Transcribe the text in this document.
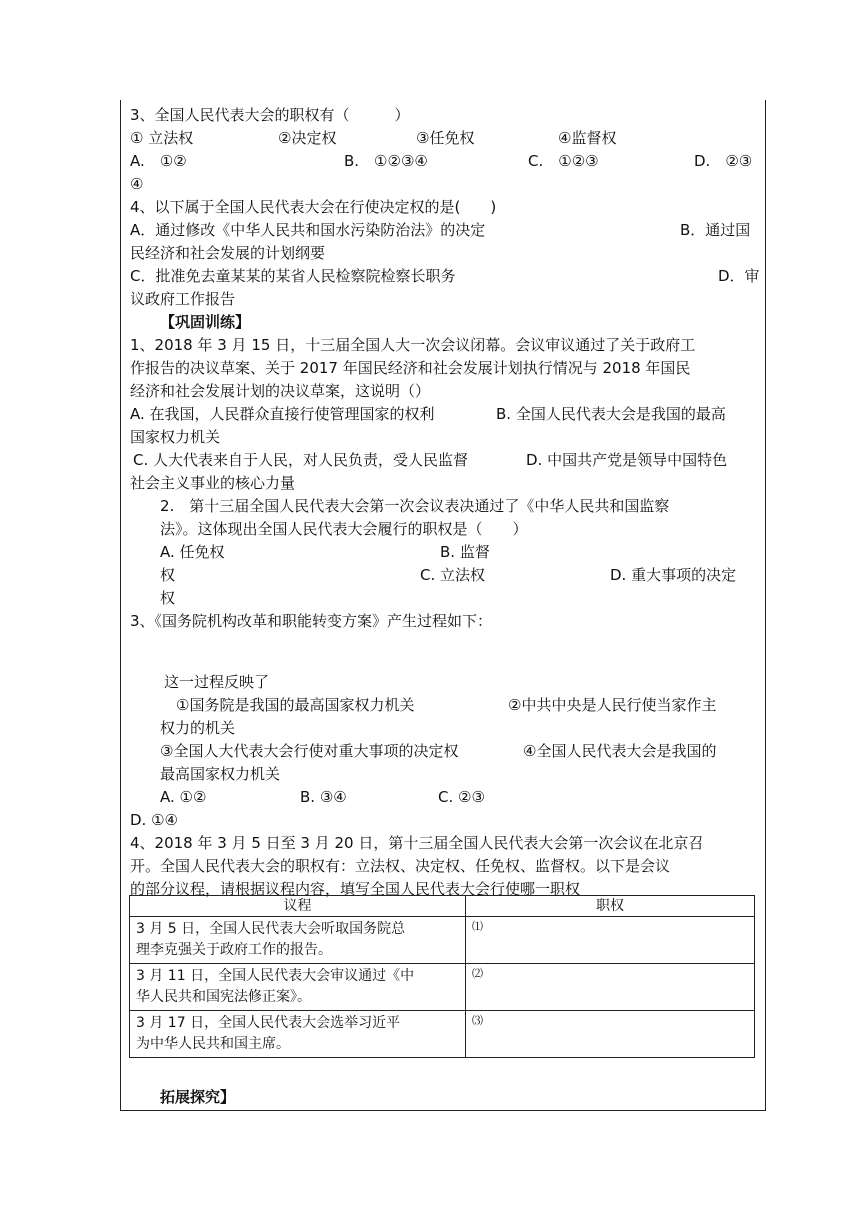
3、全国人民代表大会的职权有（　　　）
① 立法权	②决定权	③任免权	④监督权
A.　①②	B.　①②③④	C.　①②③	D.　②③
④
4、以下属于全国人民代表大会在行使决定权的是(　　)
A．通过修改《中华人民共和国水污染防治法》的决定	B．通过国
民经济和社会发展的计划纲要
C．批准免去童某某的某省人民检察院检察长职务	D．审
议政府工作报告
【巩固训练】
1、2018 年 3 月 15 日，十三届全国人大一次会议闭幕。会议审议通过了关于政府工
作报告的决议草案、关于 2017 年国民经济和社会发展计划执行情况与 2018 年国民
经济和社会发展计划的决议草案，这说明（）
A. 在我国，人民群众直接行使管理国家的权利	B. 全国人民代表大会是我国的最高
国家权力机关
C. 人大代表来自于人民，对人民负责，受人民监督	D. 中国共产党是领导中国特色
社会主义事业的核心力量
2.　第十三届全国人民代表大会第一次会议表决通过了《中华人民共和国监察
法》。这体现出全国人民代表大会履行的职权是（　　）
A. 任免权	B. 监督
权	C. 立法权	D. 重大事项的决定
权
3、《国务院机构改革和职能转变方案》产生过程如下：
这一过程反映了
①国务院是我国的最高国家权力机关	②中共中央是人民行使当家作主
权力的机关
③全国人大代表大会行使对重大事项的决定权	④全国人民代表大会是我国的
最高国家权力机关
A. ①②	B. ③④	C. ②③
D. ①④
4、2018 年 3 月 5 日至 3 月 20 日，第十三届全国人民代表大会第一次会议在北京召
开。全国人民代表大会的职权有：立法权、决定权、任免权、监督权。以下是会议
的部分议程，请根据议程内容，填写全国人民代表大会行使哪一职权
议程	职权
3 月 5 日，全国人民代表大会听取国务院总
理李克强关于政府工作的报告。	⑴
3 月 11 日，全国人民代表大会审议通过《中
华人民共和国宪法修正案》。	⑵
3 月 17 日，全国人民代表大会选举习近平
为中华人民共和国主席。	⑶
拓展探究】
